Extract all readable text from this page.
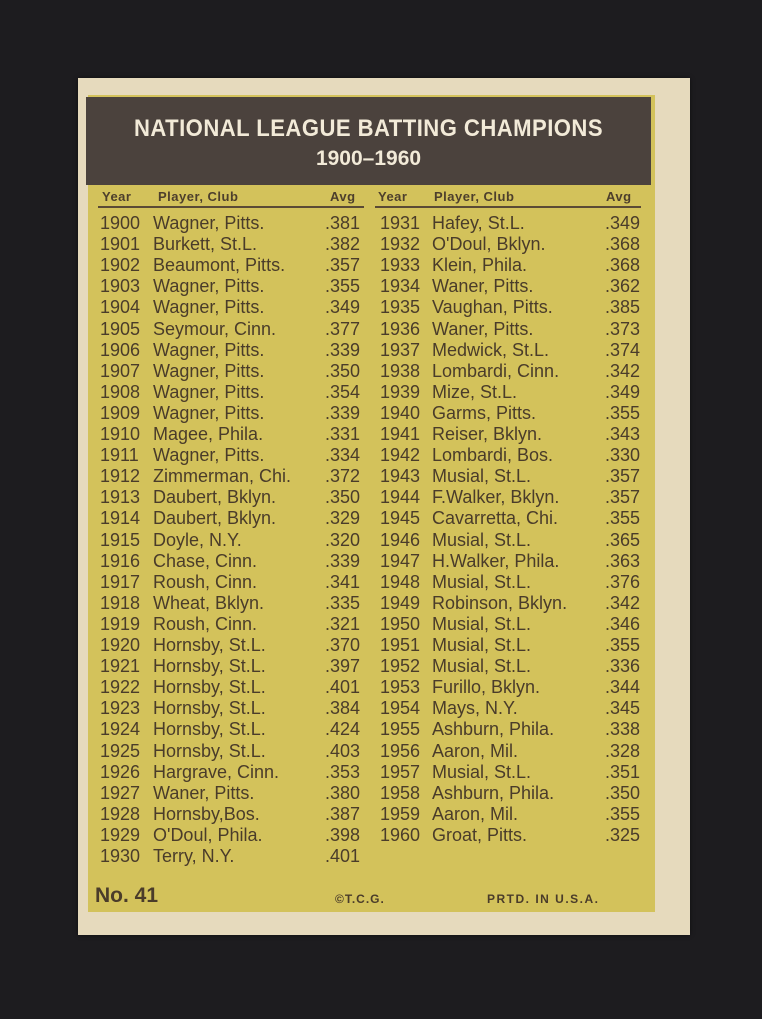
NATIONAL LEAGUE BATTING CHAMPIONS
1900–1960
Year Player, Club	Avg Year Player, Club	Avg
1900 Wagner, Pitts.	.381
1901 Burkett, St.L.	.382
1902 Beaumont, Pitts. .357
1903 Wagner, Pitts.	.355
1904 Wagner, Pitts.	.349
1905 Seymour, Cinn.	.377
1906 Wagner, Pitts.	.339
1907 Wagner, Pitts.	.350
1908 Wagner, Pitts.	.354
1909 Wagner, Pitts.	.339
1910 Magee, Phila.	.331
1911 Wagner, Pitts.	.334
1912 Zimmerman, Chi. .372
1913 Daubert, Bklyn.	.350
1914 Daubert, Bklyn.	.329
1915 Doyle, N.Y.	.320
1916 Chase, Cinn.	.339
1917 Roush, Cinn.	.341
1918 Wheat, Bklyn.	.335
1919 Roush, Cinn.	.321
1920 Hornsby, St.L.	.370
1921 Hornsby, St.L.	.397
1922 Hornsby, St.L.	.401
1923 Hornsby, St.L.	.384
1924 Hornsby, St.L.	.424
1925 Hornsby, St.L.	.403
1926 Hargrave, Cinn.	.353
1927 Waner, Pitts.	.380
1928 Hornsby,Bos.	.387
1929 O'Doul, Phila.	.398
1930 Terry, N.Y.	.401
1931 Hafey, St.L.	.349
1932 O'Doul, Bklyn.	.368
1933 Klein, Phila.	.368
1934 Waner, Pitts.	.362
1935 Vaughan, Pitts.	.385
1936 Waner, Pitts.	.373
1937 Medwick, St.L.	.374
1938 Lombardi, Cinn.	.342
1939 Mize, St.L.	.349
1940 Garms, Pitts.	.355
1941 Reiser, Bklyn.	.343
1942 Lombardi, Bos.	.330
1943 Musial, St.L.	.357
1944 F.Walker, Bklyn.	.357
1945 Cavarretta, Chi.	.355
1946 Musial, St.L.	.365
1947 H.Walker, Phila.	.363
1948 Musial, St.L.	.376
1949 Robinson, Bklyn. .342
1950 Musial, St.L.	.346
1951 Musial, St.L.	.355
1952 Musial, St.L.	.336
1953 Furillo, Bklyn.	.344
1954 Mays, N.Y.	.345
1955 Ashburn, Phila.	.338
1956 Aaron, Mil.	.328
1957 Musial, St.L.	.351
1958 Ashburn, Phila.	.350
1959 Aaron, Mil.	.355
1960 Groat, Pitts.	.325
No. 41	©T.C.G.	PRTD. IN U.S.A.
